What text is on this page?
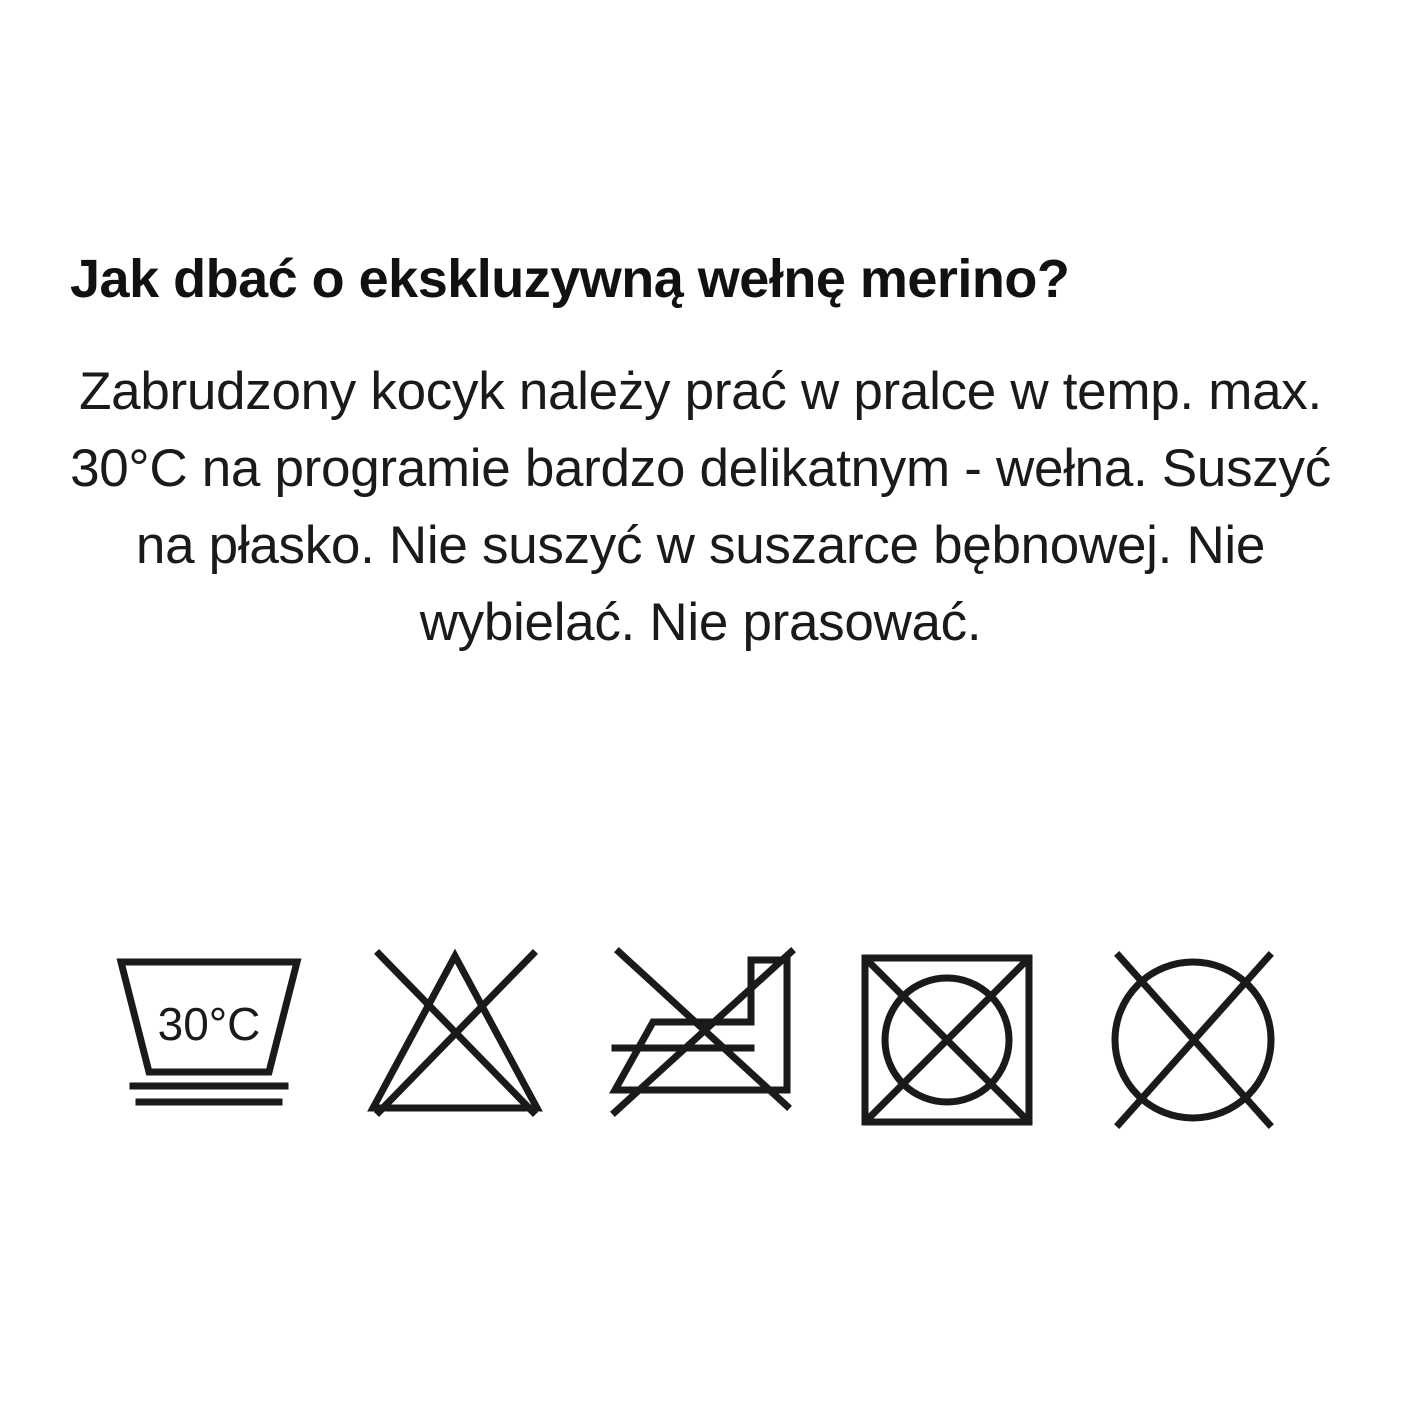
Jak dbać o ekskluzywną wełnę merino?

Zabrudzony kocyk należy prać w pralce w temp. max. 30°C na programie bardzo delikatnym - wełna. Suszyć na płasko. Nie suszyć w suszarce bębnowej. Nie wybielać. Nie prasować.

30°C
